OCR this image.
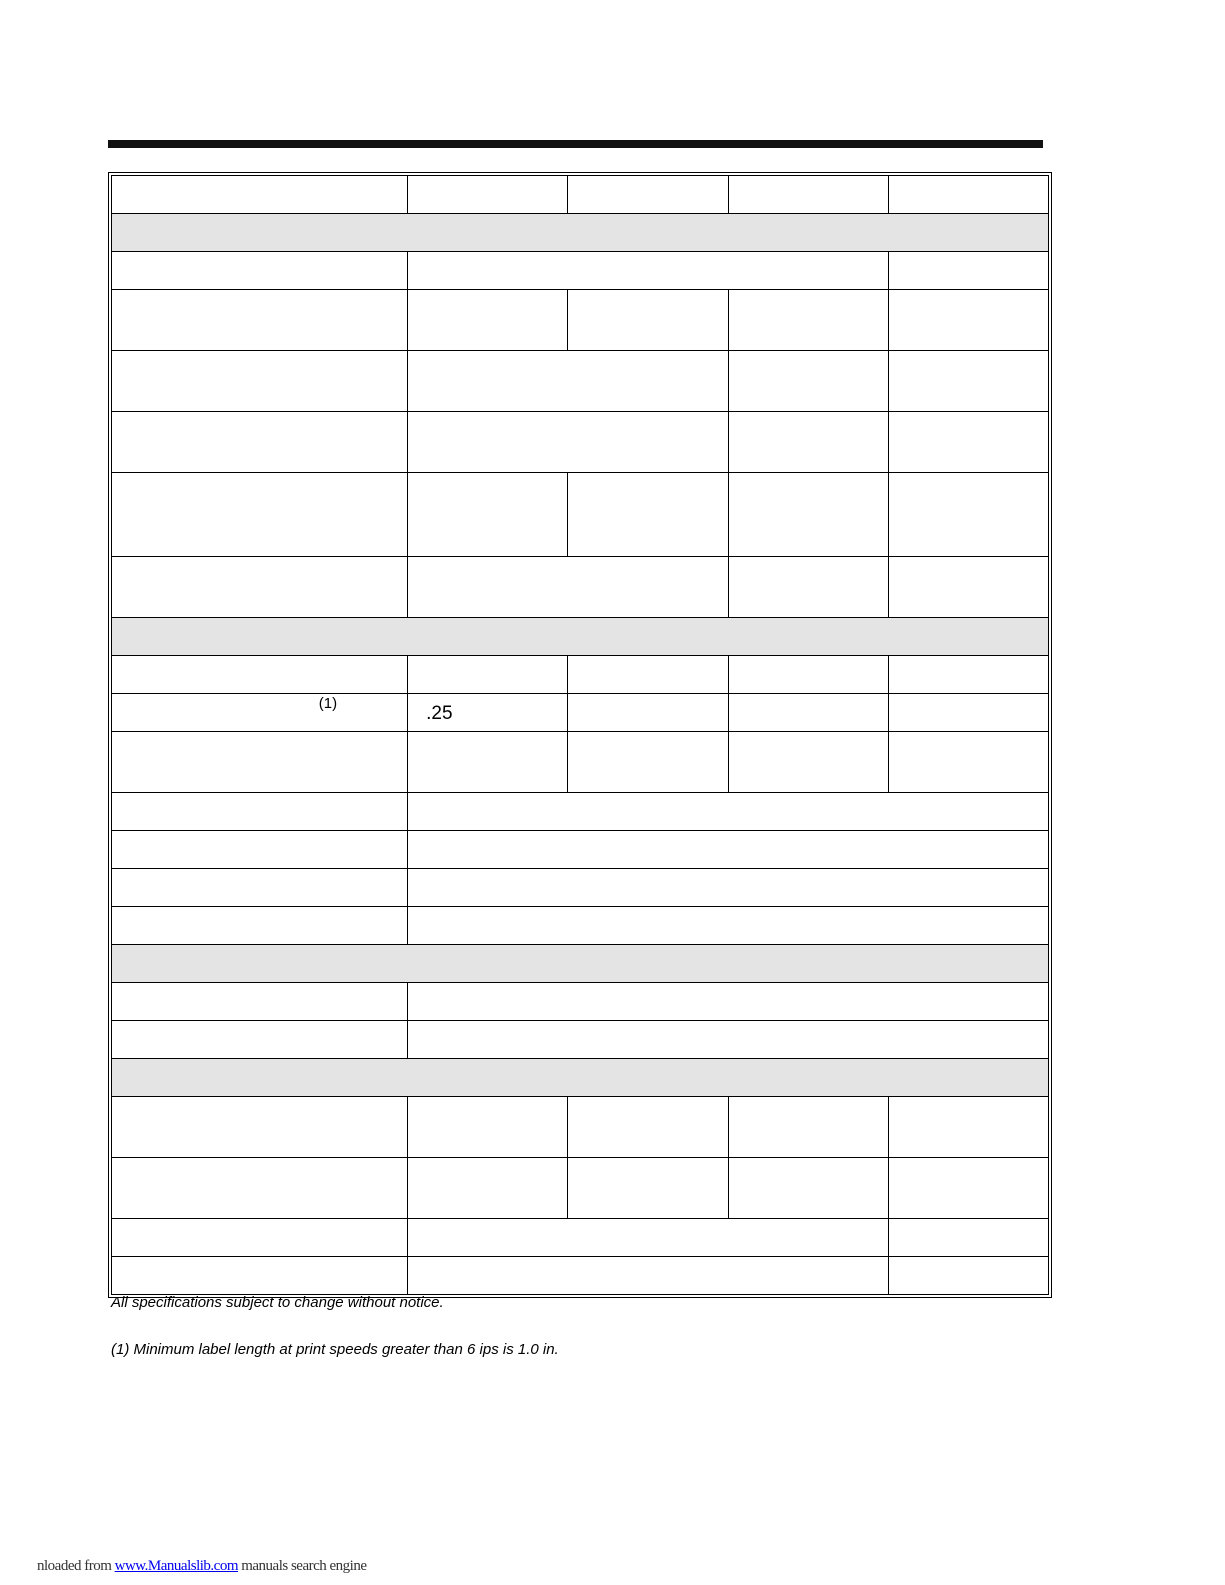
(1)	.25			

All specifications subject to change without notice.

(1) Minimum label length at print speeds greater than 6 ips is 1.0 in.

nloaded from www.Manualslib.com manuals search engine
